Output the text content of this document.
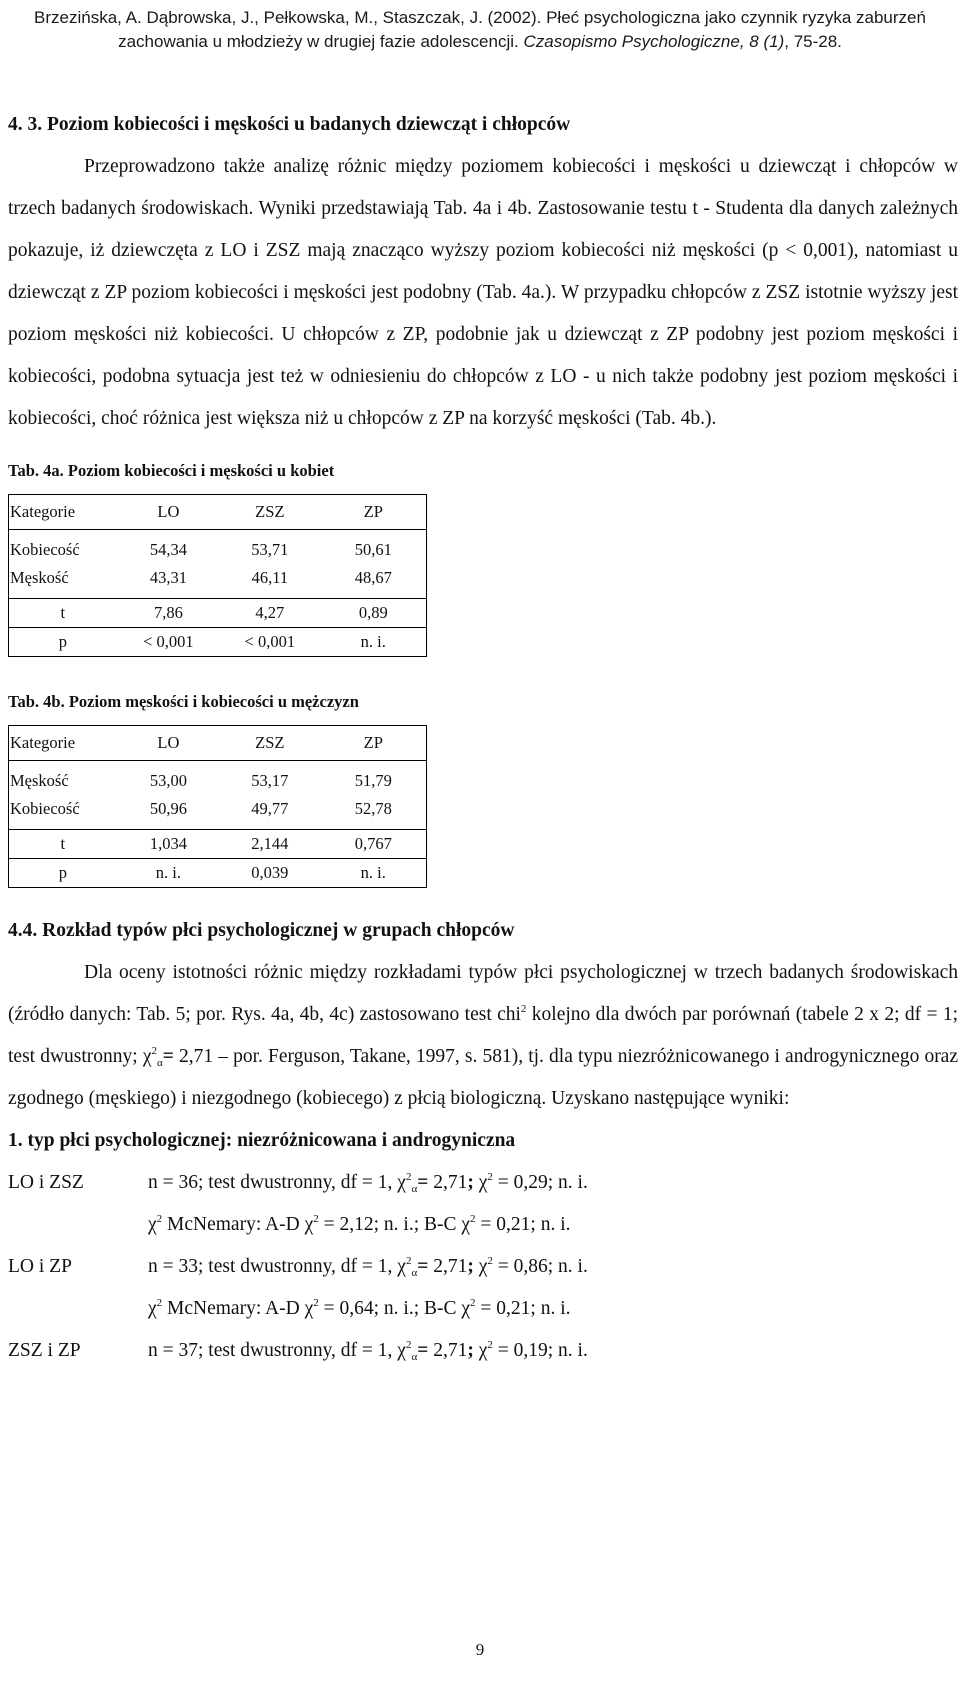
Brzezińska, A. Dąbrowska, J., Pełkowska, M., Staszczak, J. (2002). Płeć psychologiczna jako czynnik ryzyka zaburzeń
zachowania u młodzieży w drugiej fazie adolescencji. Czasopismo Psychologiczne, 8 (1), 75-28.

4. 3. Poziom kobiecości i męskości u badanych dziewcząt i chłopców

Przeprowadzono także analizę różnic między poziomem kobiecości i męskości u dziewcząt i chłopców w trzech badanych środowiskach. Wyniki przedstawiają Tab. 4a i 4b. Zastosowanie testu t - Studenta dla danych zależnych pokazuje, iż dziewczęta z LO i ZSZ mają znacząco wyższy poziom kobiecości niż męskości (p < 0,001), natomiast u dziewcząt z ZP poziom kobiecości i męskości jest podobny (Tab. 4a.). W przypadku chłopców z ZSZ istotnie wyższy jest poziom męskości niż kobiecości. U chłopców z ZP, podobnie jak u dziewcząt z ZP podobny jest poziom męskości i kobiecości, podobna sytuacja jest też w odniesieniu do chłopców z LO - u nich także podobny jest poziom męskości i kobiecości, choć różnica jest większa niż u chłopców z ZP na korzyść męskości (Tab. 4b.).

Tab. 4a. Poziom kobiecości i męskości u kobiet
Kategorie	LO	ZSZ	ZP

Kobiecość	54,34	53,71	50,61
Męskość	43,31	46,11	48,67

t	7,86	4,27	0,89
p	< 0,001	< 0,001	n. i.
Tab. 4b. Poziom męskości i kobiecości u mężczyzn
Kategorie	LO	ZSZ	ZP

Męskość	53,00	53,17	51,79
Kobiecość	50,96	49,77	52,78

t	1,034	2,144	0,767
p	n. i.	0,039	n. i.

4.4. Rozkład typów płci psychologicznej w grupach chłopców

Dla oceny istotności różnic między rozkładami typów płci psychologicznej w trzech badanych środowiskach (źródło danych: Tab. 5; por. Rys. 4a, 4b, 4c) zastosowano test chi$^2$ kolejno dla dwóch par porównań (tabele 2 x 2; df = 1; test dwustronny; $\chi^2_\alpha= 2,71$ – por. Ferguson, Takane, 1997, s. 581), tj. dla typu niezróżnicowanego i androgynicznego oraz zgodnego (męskiego) i niezgodnego (kobiecego) z płcią biologiczną. Uzyskano następujące wyniki:

1. typ płci psychologicznej: niezróżnicowana i androgyniczna

LO i ZSZ	n = 36; test dwustronny, df = 1, $\chi^2_\alpha= 2,71$; $\chi^2 = 0,29$; n. i.
$\chi^2$ McNemary: A-D $\chi^2 = 2,12$; n. i.; B-C $\chi^2 = 0,21$; n. i.
LO i ZP	n = 33; test dwustronny, df = 1, $\chi^2_\alpha= 2,71$; $\chi^2 = 0,86$; n. i.
$\chi^2$ McNemary: A-D $\chi^2 = 0,64$; n. i.; B-C $\chi^2 = 0,21$; n. i.
ZSZ i ZP	n = 37; test dwustronny, df = 1, $\chi^2_\alpha= 2,71$; $\chi^2 = 0,19$; n. i.
9
